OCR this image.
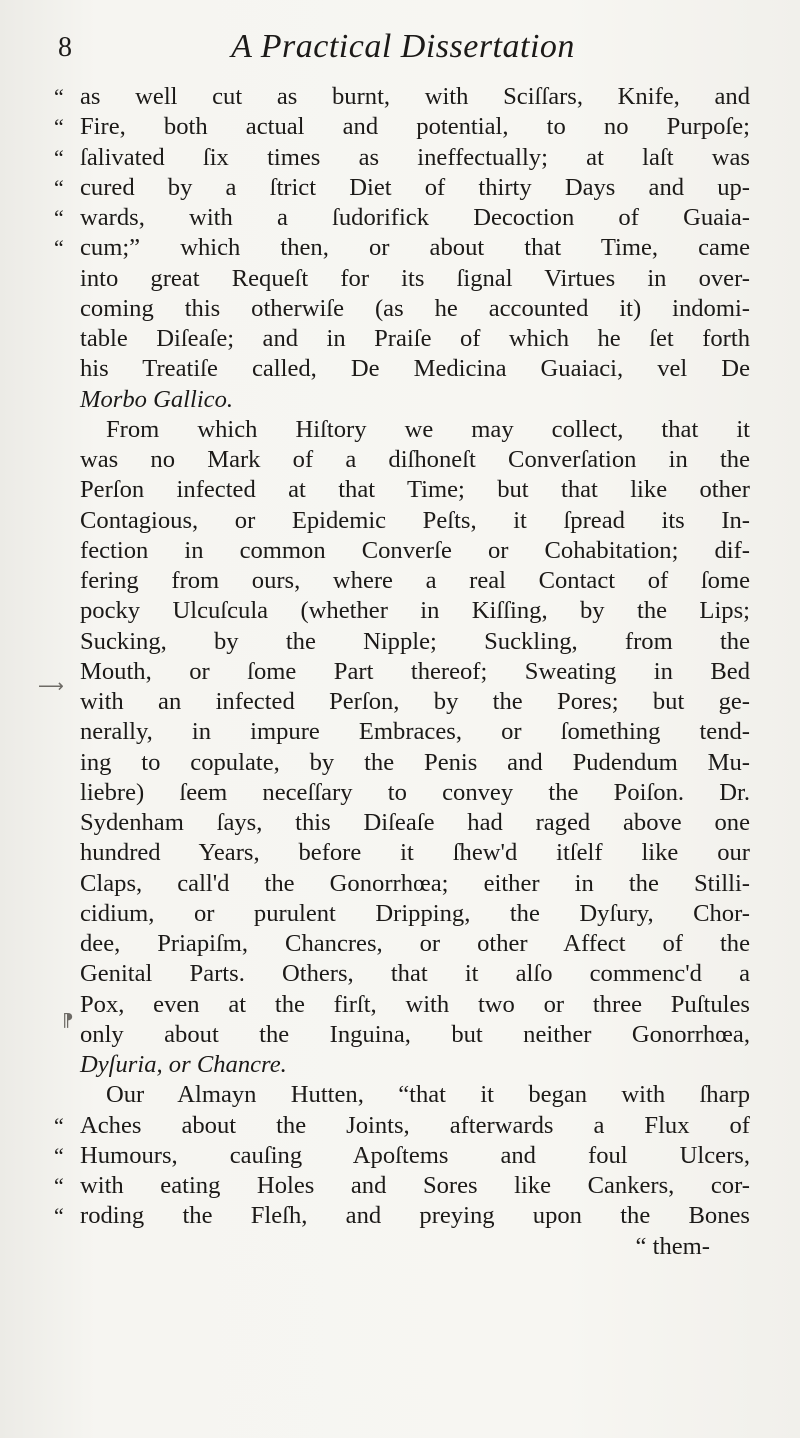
8	A Practical Dissertation
⟶
⁋
“ as well cut as burnt, with Sciſſars, Knife, and
“ Fire, both actual and potential, to no Purpoſe;
“ ſalivated ſix times as ineffectually; at laſt was
“ cured by a ſtrict Diet of thirty Days and up-
“ wards, with a ſudorifick Decoction of Guaia-
“ cum;” which then, or about that Time, came
into great Requeſt for its ſignal Virtues in over-
coming this otherwiſe (as he accounted it) indomi-
table Diſeaſe; and in Praiſe of which he ſet forth
his Treatiſe called, De Medicina Guaiaci, vel De
Morbo Gallico.
From which Hiſtory we may collect, that it
was no Mark of a diſhoneſt Converſation in the
Perſon infected at that Time; but that like other
Contagious, or Epidemic Peſts, it ſpread its In-
fection in common Converſe or Cohabitation; dif-
fering from ours, where a real Contact of ſome
pocky Ulcuſcula (whether in Kiſſing, by the Lips;
Sucking, by the Nipple; Suckling, from the
Mouth, or ſome Part thereof; Sweating in Bed
with an infected Perſon, by the Pores; but ge-
nerally, in impure Embraces, or ſomething tend-
ing to copulate, by the Penis and Pudendum Mu-
liebre) ſeem neceſſary to convey the Poiſon. Dr.
Sydenham ſays, this Diſeaſe had raged above one
hundred Years, before it ſhew'd itſelf like our
Claps, call'd the Gonorrhœa; either in the Stilli-
cidium, or purulent Dripping, the Dyſury, Chor-
dee, Priapiſm, Chancres, or other Affect of the
Genital Parts. Others, that it alſo commenc'd a
Pox, even at the firſt, with two or three Puſtules
only about the Inguina, but neither Gonorrhœa,
Dyſuria, or Chancre.
Our Almayn Hutten, “that it began with ſharp
“ Aches about the Joints, afterwards a Flux of
“ Humours, cauſing Apoſtems and foul Ulcers,
“ with eating Holes and Sores like Cankers, cor-
“ roding the Fleſh, and preying upon the Bones
“ them-
